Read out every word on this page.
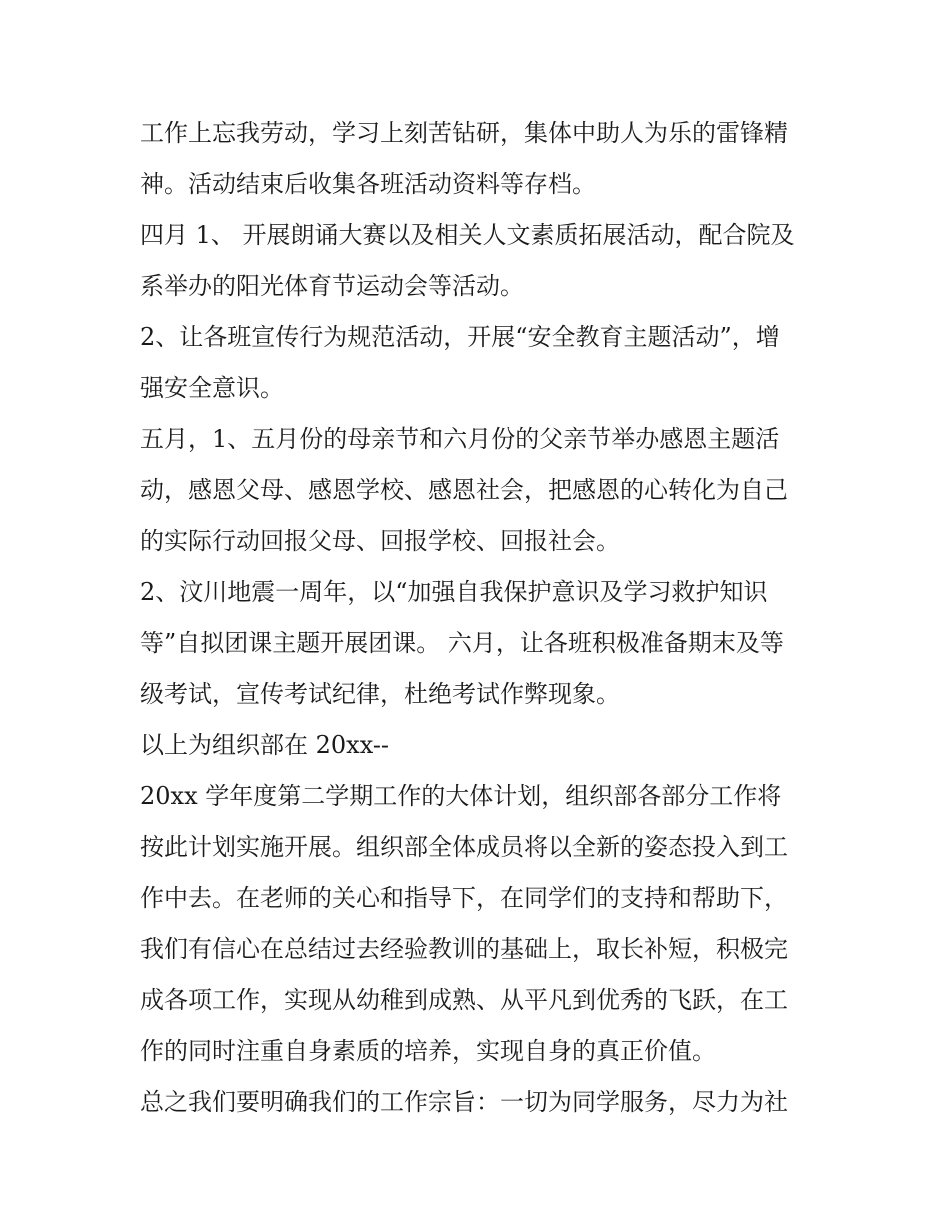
工作上忘我劳动，学习上刻苦钻研，集体中助人为乐的雷锋精
神。活动结束后收集各班活动资料等存档。
四月 1、 开展朗诵大赛以及相关人文素质拓展活动，配合院及
系举办的阳光体育节运动会等活动。
2、让各班宣传行为规范活动，开展“安全教育主题活动”，增
强安全意识。
五月，1、五月份的母亲节和六月份的父亲节举办感恩主题活
动，感恩父母、感恩学校、感恩社会，把感恩的心转化为自己
的实际行动回报父母、回报学校、回报社会。
2、汶川地震一周年，以“加强自我保护意识及学习救护知识
等”自拟团课主题开展团课。 六月，让各班积极准备期末及等
级考试，宣传考试纪律，杜绝考试作弊现象。
以上为组织部在 20xx--
20xx 学年度第二学期工作的大体计划，组织部各部分工作将
按此计划实施开展。组织部全体成员将以全新的姿态投入到工
作中去。在老师的关心和指导下，在同学们的支持和帮助下，
我们有信心在总结过去经验教训的基础上，取长补短，积极完
成各项工作，实现从幼稚到成熟、从平凡到优秀的飞跃，在工
作的同时注重自身素质的培养，实现自身的真正价值。
总之我们要明确我们的工作宗旨：一切为同学服务，尽力为社
